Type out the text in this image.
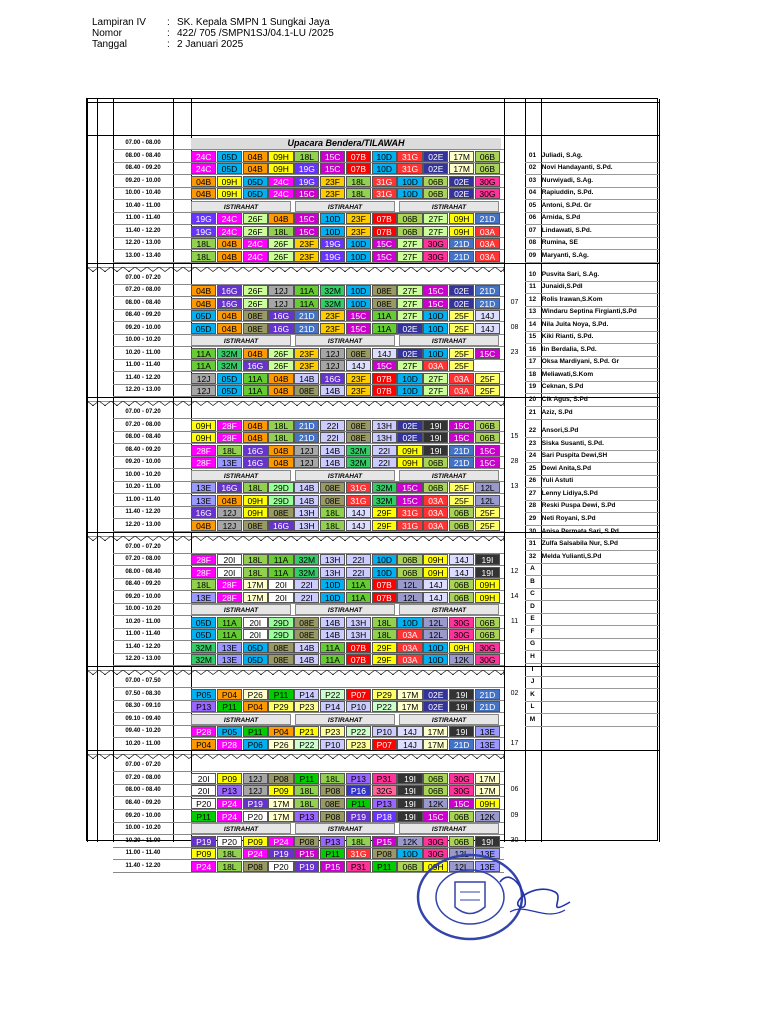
Lampiran IV	: SK. Kepala SMPN 1 Sungkai Jaya
Nomor	: 422/ 705 /SMPN1SJ/04.1-LU /2025
Tanggal	: 2 Januari 2025
07.00 - 08.00	Upacara Bendera/TILAWAH
08.00 - 08.40	24C	05D	04B	09H	18L	15C	07B	10D	31G	02E	17M	06B
08.40 - 09.20	24C	05D	04B	09H	19G	15C	07B	10D	31G	02E	17M	06B
09.20 - 10.00	04B	09H	05D	24C	19G	23F	18L	31G	10D	06B	02E	30G
10.00 - 10.40	04B	09H	05D	24C	15C	23F	18L	31G	10D	06B	02E	30G
10.40 - 11.00	ISTIRAHAT	ISTIRAHAT	ISTIRAHAT
11.00 - 11.40	19G	24C	26F	04B	15C	10D	23F	07B	06B	27F	09H	21D
11.40 - 12.20	19G	24C	26F	18L	15C	10D	23F	07B	06B	27F	09H	03A
12.20 - 13.00	18L	04B	24C	26F	23F	19G	10D	15C	27F	30G	21D	03A
13.00 - 13.40	18L	04B	24C	26F	23F	19G	10D	15C	27F	30G	21D	03A
07.00 - 07.20
07.20 - 08.00	04B	16G	26F	12J	11A	32M	10D	08E	27F	15C	02E	21D
08.00 - 08.40	04B	16G	26F	12J	11A	32M	10D	08E	27F	15C	02E	21D	07
08.40 - 09.20	05D	04B	08E	16G	21D	23F	15C	11A	27F	10D	25F	14J
09.20 - 10.00	05D	04B	08E	16G	21D	23F	15C	11A	02E	10D	25F	14J	08
10.00 - 10.20	ISTIRAHAT	ISTIRAHAT	ISTIRAHAT
10.20 - 11.00	11A	32M	04B	26F	23F	12J	08E	14J	02E	10D	25F	15C	23
11.00 - 11.40	11A	32M	16G	26F	23F	12J	14J	15C	27F	03A	25F
11.40 - 12.20	12J	05D	11A	04B	14B	16G	23F	07B	10D	27F	03A	25F
12.20 - 13.00	12J	05D	11A	04B	08E	14B	23F	07B	10D	27F	03A	25F
07.00 - 07.20
07.20 - 08.00	09H	28F	04B	18L	21D	22I	08E	13H	02E	19I	15C	06B
08.00 - 08.40	09H	28F	04B	18L	21D	22I	08E	13H	02E	19I	15C	06B	15
08.40 - 09.20	28F	18L	16G	04B	12J	14B	32M	22I	09H	19I	21D	15C
09.20 - 10.00	28F	13E	16G	04B	12J	14B	32M	22I	09H	06B	21D	15C	28
10.00 - 10.20	ISTIRAHAT	ISTIRAHAT	ISTIRAHAT
10.20 - 11.00	13E	16G	18L	29D	14B	08E	31G	32M	15C	06B	25F	12L	13
11.00 - 11.40	13E	04B	09H	29D	14B	08E	31G	32M	15C	03A	25F	12L
11.40 - 12.20	16G	12J	09H	08E	13H	18L	14J	29F	31G	03A	06B	25F
12.20 - 13.00	04B	12J	08E	16G	13H	18L	14J	29F	31G	03A	06B	25F
07.00 - 07.20
07.20 - 08.00	28F	20I	18L	11A	32M	13H	22I	10D	06B	09H	14J	19I
08.00 - 08.40	28F	20I	18L	11A	32M	13H	22I	10D	06B	09H	14J	19I	12
08.40 - 09.20	18L	28F	17M	20I	22I	10D	11A	07B	12L	14J	06B	09H
09.20 - 10.00	13E	28F	17M	20I	22I	10D	11A	07B	12L	14J	06B	09H	14
10.00 - 10.20	ISTIRAHAT	ISTIRAHAT	ISTIRAHAT
10.20 - 11.00	05D	11A	20I	29D	08E	14B	13H	18L	10D	12L	30G	06B	11
11.00 - 11.40	05D	11A	20I	29D	08E	14B	13H	18L	03A	12L	30G	06B
11.40 - 12.20	32M	13E	05D	08E	14B	11A	07B	29F	03A	10D	09H	30G
12.20 - 13.00	32M	13E	05D	08E	14B	11A	07B	29F	03A	10D	12K	30G
07.00 - 07.50
07.50 - 08.30	P05	P04	P26	P11	P14	P22	P07	P29	17M	02E	19I	21D	02
08.30 - 09.10	P13	P11	P04	P29	P23	P14	P10	P22	17M	02E	19I	21D
09.10 - 09.40	ISTIRAHAT	ISTIRAHAT	ISTIRAHAT
09.40 - 10.20	P28	P05	P11	P04	P21	P23	P22	P10	14J	17M	19I	13E
10.20 - 11.00	P04	P28	P06	P26	P22	P10	P23	P07	14J	17M	21D	13E	17
07.00 - 07.20
07.20 - 08.00	20I	P09	12J	P08	P11	18L	P13	P31	19I	06B	30G	17M
08.00 - 08.40	20I	P13	12J	P09	18L	P08	P16	32G	19I	06B	30G	17M	06
08.40 - 09.20	P20	P24	P19	17M	18L	08E	P11	P13	19I	12K	15C	09H
09.20 - 10.00	P11	P24	P20	17M	P13	P08	P19	P18	19I	15C	06B	12K	09
10.00 - 10.20	ISTIRAHAT	ISTIRAHAT	ISTIRAHAT
10.20 - 11.00	P19	P20	P09	P24	P08	P13	18L	P15	12K	30G	06B	19I	30
11.00 - 11.40	P09	18L	P24	P19	P15	P11	31G	P08	10D	30G	12L	13E
11.40 - 12.20	P24	18L	P08	P20	P19	P15	P31	P11	06B	09H	12L	13E
01 Juliadi, S.Ag.
02 Novi Handayanti, S.Pd.
03 Nurwiyadi, S.Ag.
04 Rapiuddin, S.Pd.
05 Antoni, S.Pd. Gr
06 Arnida, S.Pd
07 Lindawati, S.Pd.
08 Rumina, SE
09 Maryanti, S.Ag.
10 Pusvita Sari, S.Ag.
11 Junaidi,S.Pdl
12 Rolis Irawan,S.Kom
13 Windaru Septina Firgianti,S.Pd
14 Nila Juita Noya, S.Pd.
15 Kiki Rianti, S.Pd.
16 Iin Berdalia, S.Pd.
17 Oksa Mardiyani, S.Pd. Gr
18 Meliawati,S.Kom
19 Ceknan, S.Pd
20 Cik Agus, S.Pd
21 Aziz, S.Pd
22 Ansori,S.Pd
23 Siska Susanti, S.Pd.
24 Sari Puspita Dewi,SH
25 Dewi Anita,S.Pd
26 Yuli Astuti
27 Lenny Lidiya,S.Pd
28 Reski Puspa Dewi, S.Pd
29 Neti Royani, S.Pd
30 Anisa Permata Sari, S.Pd
31 Zulfa Salsabila Nur, S.Pd
32 Melda Yulianti,S.Pd
A
B
C
D
E
F
G
H
I
J
K
L
M
